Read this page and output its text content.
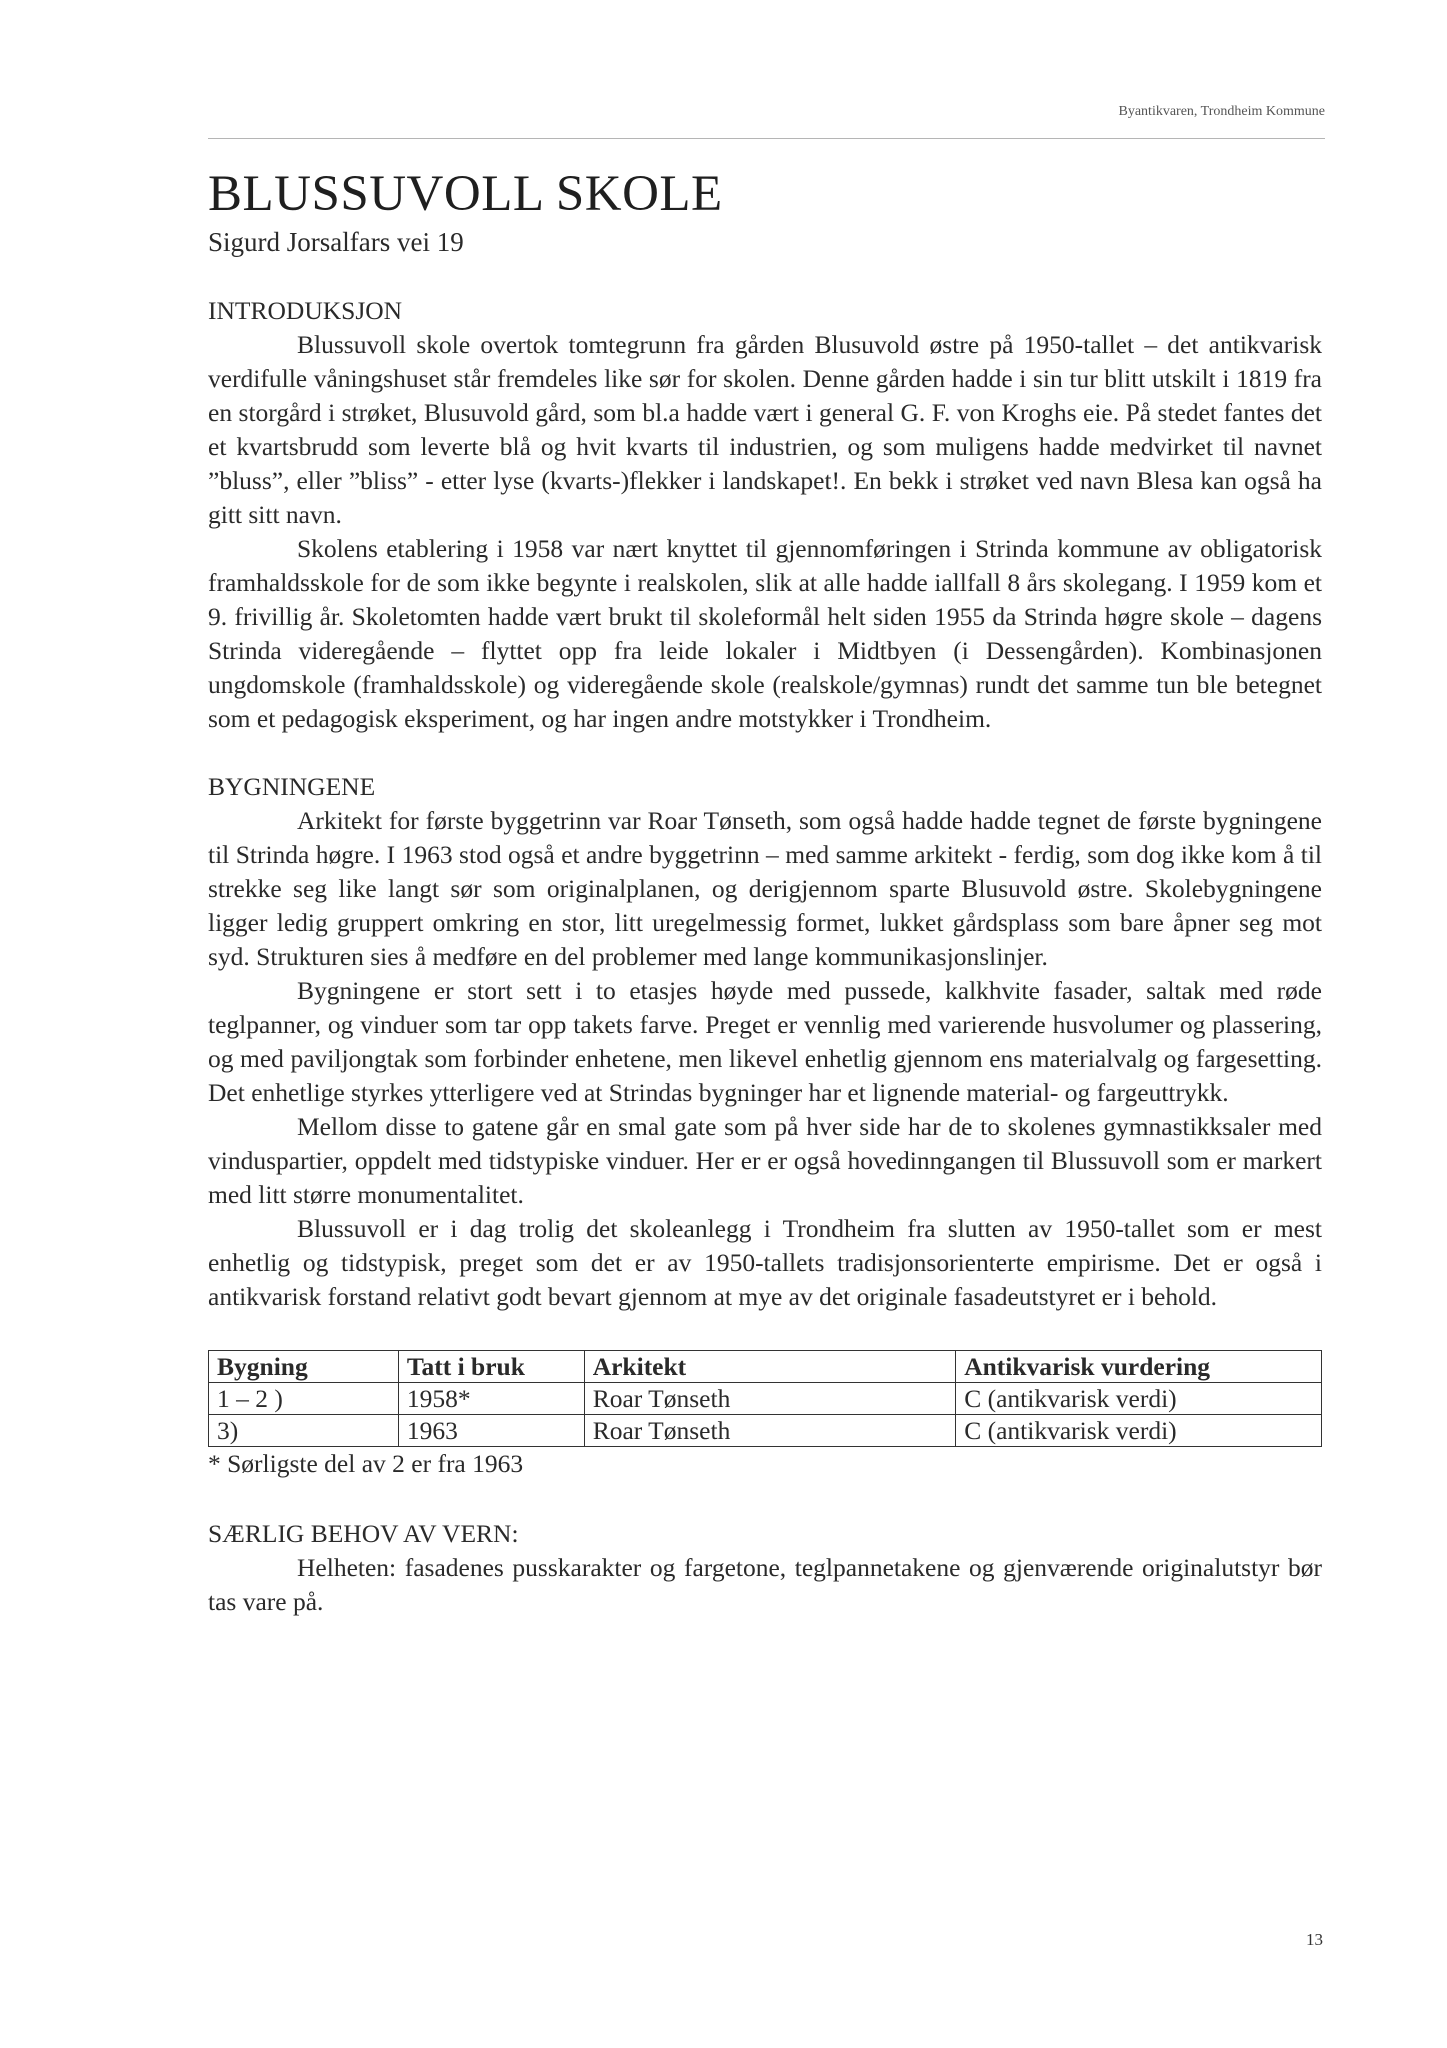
Byantikvaren, Trondheim Kommune
BLUSSUVOLL SKOLE
Sigurd Jorsalfars vei 19
INTRODUKSJON

Blussuvoll skole overtok tomtegrunn fra gården Blusuvold østre på 1950-tallet – det antikvarisk verdifulle våningshuset står fremdeles like sør for skolen. Denne gården hadde i sin tur blitt utskilt i 1819 fra en storgård i strøket, Blusuvold gård, som bl.a hadde vært i general G. F. von Kroghs eie. På stedet fantes det et kvartsbrudd som leverte blå og hvit kvarts til industrien, og som muligens hadde medvirket til navnet ”bluss”, eller ”bliss” - etter lyse (kvarts-)flekker i landskapet!. En bekk i strøket ved navn Blesa kan også ha gitt sitt navn.

Skolens etablering i 1958 var nært knyttet til gjennomføringen i Strinda kommune av obligatorisk framhaldsskole for de som ikke begynte i realskolen, slik at alle hadde iallfall 8 års skolegang. I 1959 kom et 9. frivillig år. Skoletomten hadde vært brukt til skoleformål helt siden 1955 da Strinda høgre skole – dagens Strinda videregående – flyttet opp fra leide lokaler i Midtbyen (i Dessengården). Kombinasjonen ungdomskole (framhaldsskole) og videregående skole (realskole/gymnas) rundt det samme tun ble betegnet som et pedagogisk eksperiment, og har ingen andre motstykker i Trondheim.

BYGNINGENE

Arkitekt for første byggetrinn var Roar Tønseth, som også hadde hadde tegnet de første bygningene til Strinda høgre. I 1963 stod også et andre byggetrinn – med samme arkitekt - ferdig, som dog ikke kom å til strekke seg like langt sør som originalplanen, og derigjennom sparte Blusuvold østre. Skolebygningene ligger ledig gruppert omkring en stor, litt uregelmessig formet, lukket gårdsplass som bare åpner seg mot syd. Strukturen sies å medføre en del problemer med lange kommunikasjonslinjer.

Bygningene er stort sett i to etasjes høyde med pussede, kalkhvite fasader, saltak med røde teglpanner, og vinduer som tar opp takets farve. Preget er vennlig med varierende husvolumer og plassering, og med paviljongtak som forbinder enhetene, men likevel enhetlig gjennom ens materialvalg og fargesetting. Det enhetlige styrkes ytterligere ved at Strindas bygninger har et lignende material- og fargeuttrykk.

Mellom disse to gatene går en smal gate som på hver side har de to skolenes gymnastikksaler med vinduspartier, oppdelt med tidstypiske vinduer. Her er er også hovedinngangen til Blussuvoll som er markert med litt større monumentalitet.

Blussuvoll er i dag trolig det skoleanlegg i Trondheim fra slutten av 1950-tallet som er mest enhetlig og tidstypisk, preget som det er av 1950-tallets tradisjonsorienterte empirisme. Det er også i antikvarisk forstand relativt godt bevart gjennom at mye av det originale fasadeutstyret er i behold.

Bygning	Tatt i bruk	Arkitekt	Antikvarisk vurdering
1 – 2 )	1958*	Roar Tønseth	C (antikvarisk verdi)
3)	1963	Roar Tønseth	C (antikvarisk verdi)
* Sørligste del av 2 er fra 1963
SÆRLIG BEHOV AV VERN:

Helheten: fasadenes pusskarakter og fargetone, teglpannetakene og gjenværende originalutstyr bør tas vare på.

13
